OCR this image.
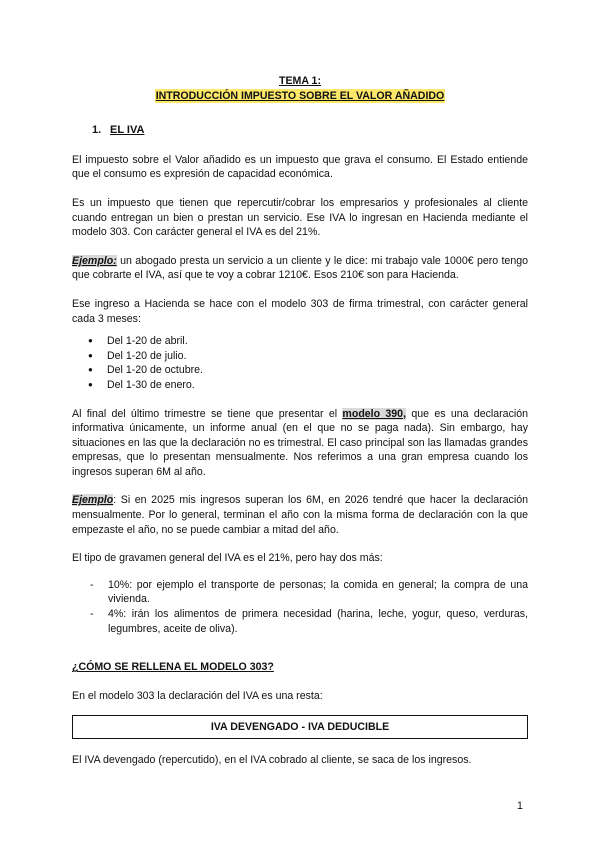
TEMA 1:
INTRODUCCIÓN IMPUESTO SOBRE EL VALOR AÑADIDO
1. EL IVA

El impuesto sobre el Valor añadido es un impuesto que grava el consumo. El Estado entiende que el consumo es expresión de capacidad económica.

Es un impuesto que tienen que repercutir/cobrar los empresarios y profesionales al cliente cuando entregan un bien o prestan un servicio. Ese IVA lo ingresan en Hacienda mediante el modelo 303. Con carácter general el IVA es del 21%.

Ejemplo: un abogado presta un servicio a un cliente y le dice: mi trabajo vale 1000€ pero tengo que cobrarte el IVA, así que te voy a cobrar 1210€. Esos 210€ son para Hacienda.

Ese ingreso a Hacienda se hace con el modelo 303 de firma trimestral, con carácter general cada 3 meses:

● Del 1-20 de abril.
● Del 1-20 de julio.
● Del 1-20 de octubre.
● Del 1-30 de enero.

Al final del último trimestre se tiene que presentar el modelo 390, que es una declaración informativa únicamente, un informe anual (en el que no se paga nada). Sin embargo, hay situaciones en las que la declaración no es trimestral. El caso principal son las llamadas grandes empresas, que lo presentan mensualmente. Nos referimos a una gran empresa cuando los ingresos superan 6M al año.

Ejemplo: Si en 2025 mis ingresos superan los 6M, en 2026 tendré que hacer la declaración mensualmente. Por lo general, terminan el año con la misma forma de declaración con la que empezaste el año, no se puede cambiar a mitad del año.

El tipo de gravamen general del IVA es el 21%, pero hay dos más:

- 10%: por ejemplo el transporte de personas; la comida en general; la compra de una vivienda.
- 4%: irán los alimentos de primera necesidad (harina, leche, yogur, queso, verduras, legumbres, aceite de oliva).
¿CÓMO SE RELLENA EL MODELO 303?

En el modelo 303 la declaración del IVA es una resta:

IVA DEVENGADO - IVA DEDUCIBLE

El IVA devengado (repercutido), en el IVA cobrado al cliente, se saca de los ingresos.

1
